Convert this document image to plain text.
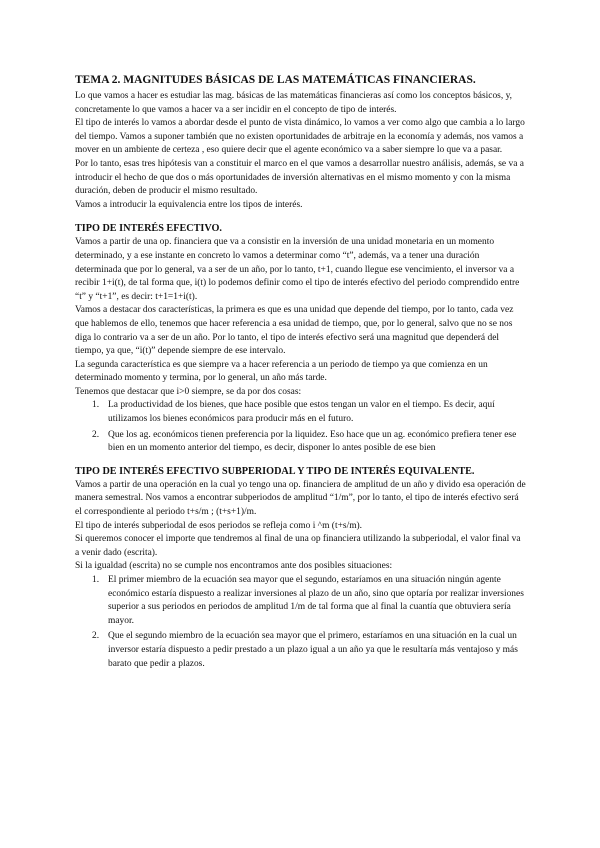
TEMA 2. MAGNITUDES BÁSICAS DE LAS MATEMÁTICAS FINANCIERAS.

Lo que vamos a hacer es estudiar las mag. básicas de las matemáticas financieras así como los conceptos básicos, y, concretamente lo que vamos a hacer va a ser incidir en el concepto de tipo de interés.

El tipo de interés lo vamos a abordar desde el punto de vista dinámico, lo vamos a ver como algo que cambia a lo largo del tiempo. Vamos a suponer también que no existen oportunidades de arbitraje en la economía y además, nos vamos a mover en un ambiente de certeza , eso quiere decir que el agente económico va a saber siempre lo que va a pasar.

Por lo tanto, esas tres hipótesis van a constituir el marco en el que vamos a desarrollar nuestro análisis, además, se va a introducir el hecho de que dos o más oportunidades de inversión alternativas en el mismo momento y con la misma duración, deben de producir el mismo resultado.

Vamos a introducir la equivalencia entre los tipos de interés.

TIPO DE INTERÉS EFECTIVO.

Vamos a partir de una op. financiera que va a consistir en la inversión de una unidad monetaria en un momento determinado, y a ese instante en concreto lo vamos a determinar como “t”, además, va a tener una duración determinada que por lo general, va a ser de un año, por lo tanto, t+1, cuando llegue ese vencimiento, el inversor va a recibir 1+i(t), de tal forma que, i(t) lo podemos definir como el tipo de interés efectivo del periodo comprendido entre “t” y “t+1”, es decir: t+1=1+i(t).

Vamos a destacar dos características, la primera es que es una unidad que depende del tiempo, por lo tanto, cada vez que hablemos de ello, tenemos que hacer referencia a esa unidad de tiempo, que, por lo general, salvo que no se nos diga lo contrario va a ser de un año. Por lo tanto, el tipo de interés efectivo será una magnitud que dependerá del tiempo, ya que, “i(t)” depende siempre de ese intervalo.

La segunda característica es que siempre va a hacer referencia a un periodo de tiempo ya que comienza en un determinado momento y termina, por lo general, un año más tarde.

Tenemos que destacar que i>0 siempre, se da por dos cosas:

1. La productividad de los bienes, que hace posible que estos tengan un valor en el tiempo. Es decir, aquí utilizamos los bienes económicos para producir más en el futuro.
2. Que los ag. económicos tienen preferencia por la liquidez. Eso hace que un ag. económico prefiera tener ese bien en un momento anterior del tiempo, es decir, disponer lo antes posible de ese bien
TIPO DE INTERÉS EFECTIVO SUBPERIODAL Y TIPO DE INTERÉS EQUIVALENTE.

Vamos a partir de una operación en la cual yo tengo una op. financiera de amplitud de un año y divido esa operación de manera semestral. Nos vamos a encontrar subperiodos de amplitud “1/m”, por lo tanto, el tipo de interés efectivo será el correspondiente al periodo t+s/m ; (t+s+1)/m.

El tipo de interés subperiodal de esos periodos se refleja como i ^m (t+s/m).

Si queremos conocer el importe que tendremos al final de una op financiera utilizando la subperiodal, el valor final va a venir dado (escrita).

Si la igualdad (escrita) no se cumple nos encontramos ante dos posibles situaciones:

1. El primer miembro de la ecuación sea mayor que el segundo, estaríamos en una situación ningún agente económico estaría dispuesto a realizar inversiones al plazo de un año, sino que optaría por realizar inversiones superior a sus periodos en periodos de amplitud 1/m de tal forma que al final la cuantía que obtuviera sería mayor.
2. Que el segundo miembro de la ecuación sea mayor que el primero, estaríamos en una situación en la cual un inversor estaría dispuesto a pedir prestado a un plazo igual a un año ya que le resultaría más ventajoso y más barato que pedir a plazos.
